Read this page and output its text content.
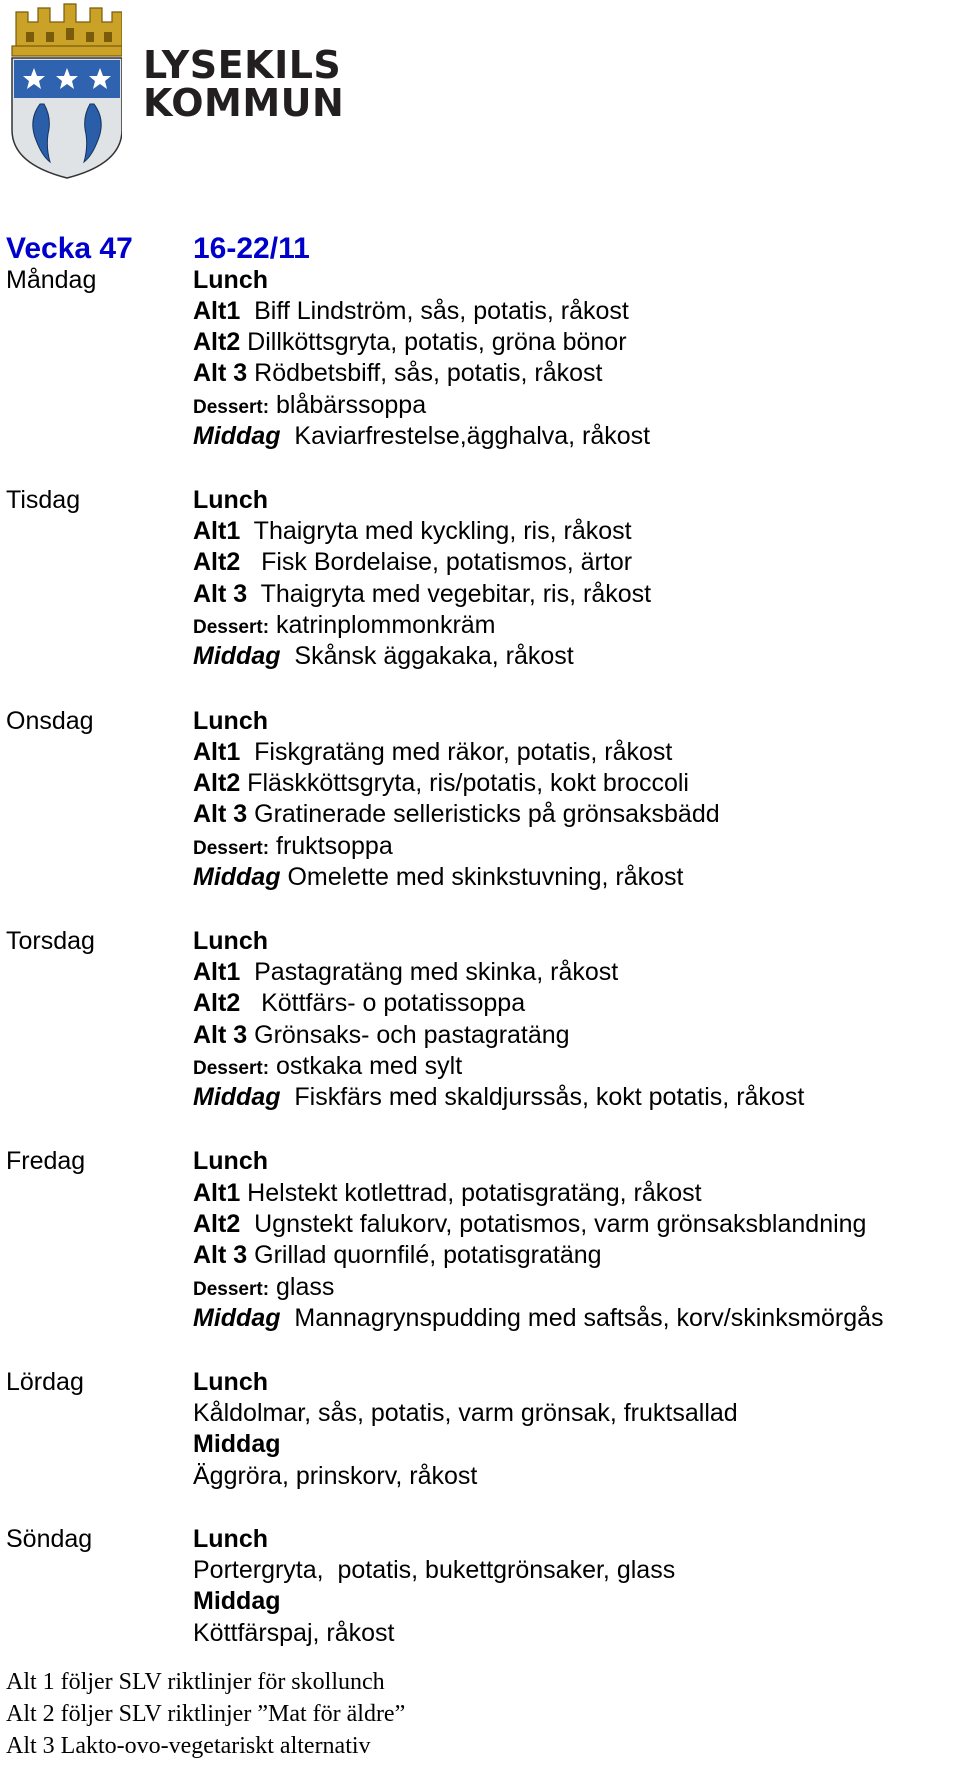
LYSEKILS
KOMMUN
Vecka 47 16-22/11
Måndag	Lunch
Alt1  Biff Lindström, sås, potatis, råkost
Alt2 Dillköttsgryta, potatis, gröna bönor
Alt 3 Rödbetsbiff, sås, potatis, råkost
Dessert: blåbärssoppa
Middag  Kaviarfrestelse,ägghalva, råkost
Tisdag	Lunch
Alt1  Thaigryta med kyckling, ris, råkost
Alt2   Fisk Bordelaise, potatismos, ärtor
Alt 3  Thaigryta med vegebitar, ris, råkost
Dessert: katrinplommonkräm
Middag  Skånsk äggakaka, råkost
Onsdag	Lunch
Alt1  Fiskgratäng med räkor, potatis, råkost
Alt2 Fläskköttsgryta, ris/potatis, kokt broccoli
Alt 3 Gratinerade selleristicks på grönsaksbädd
Dessert: fruktsoppa
Middag Omelette med skinkstuvning, råkost
Torsdag	Lunch
Alt1  Pastagratäng med skinka, råkost
Alt2   Köttfärs- o potatissoppa
Alt 3 Grönsaks- och pastagratäng
Dessert: ostkaka med sylt
Middag  Fiskfärs med skaldjurssås, kokt potatis, råkost
Fredag	Lunch
Alt1 Helstekt kotlettrad, potatisgratäng, råkost
Alt2  Ugnstekt falukorv, potatismos, varm grönsaksblandning
Alt 3 Grillad quornfilé, potatisgratäng
Dessert: glass
Middag  Mannagrynspudding med saftsås, korv/skinksmörgås
Lördag	Lunch
Kåldolmar, sås, potatis, varm grönsak, fruktsallad
Middag
Äggröra, prinskorv, råkost
Söndag	Lunch
Portergryta,  potatis, bukettgrönsaker, glass
Middag
Köttfärspaj, råkost
Alt 1 följer SLV riktlinjer för skollunch
Alt 2 följer SLV riktlinjer ”Mat för äldre”
Alt 3 Lakto-ovo-vegetariskt alternativ
